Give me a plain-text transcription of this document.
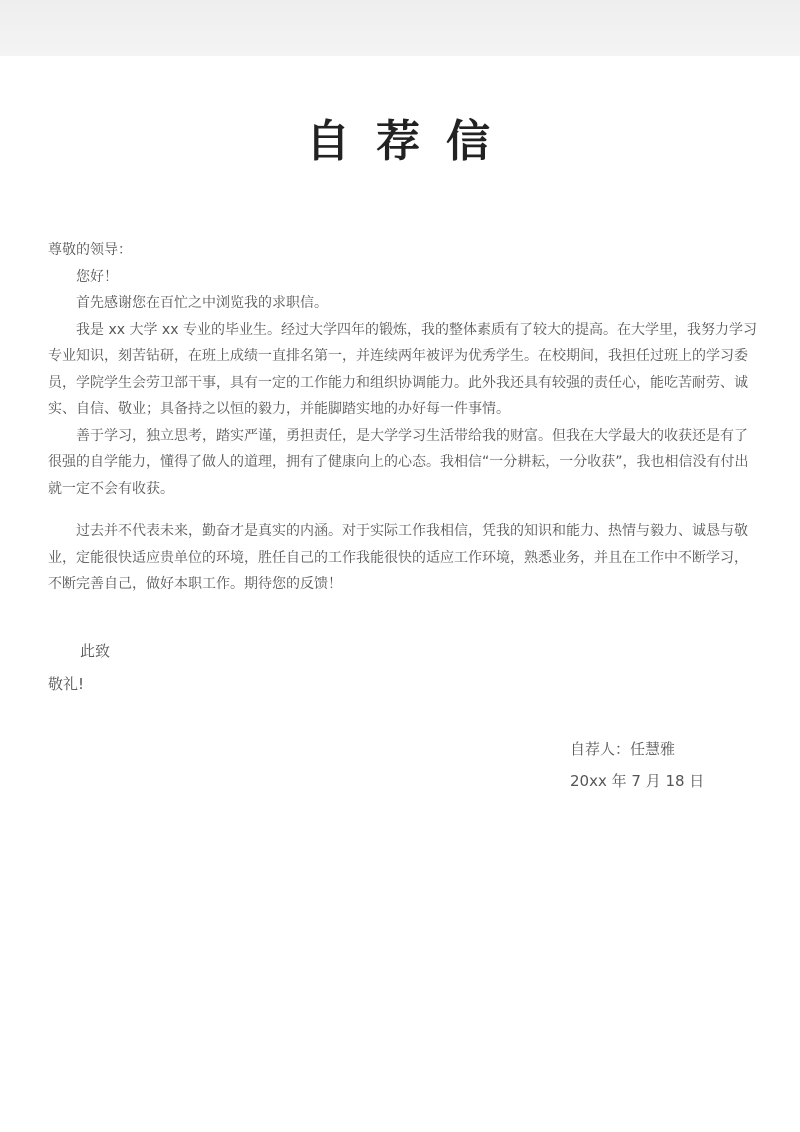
自荐信

尊敬的领导：

您好！

首先感谢您在百忙之中浏览我的求职信。

我是 xx 大学 xx 专业的毕业生。经过大学四年的锻炼，我的整体素质有了较大的提高。在大学里，我努力学习专业知识，刻苦钻研，在班上成绩一直排名第一，并连续两年被评为优秀学生。在校期间，我担任过班上的学习委员，学院学生会劳卫部干事，具有一定的工作能力和组织协调能力。此外我还具有较强的责任心，能吃苦耐劳、诚实、自信、敬业；具备持之以恒的毅力，并能脚踏实地的办好每一件事情。

善于学习，独立思考，踏实严谨，勇担责任，是大学学习生活带给我的财富。但我在大学最大的收获还是有了很强的自学能力，懂得了做人的道理，拥有了健康向上的心态。我相信“一分耕耘，一分收获”，我也相信没有付出就一定不会有收获。

过去并不代表未来，勤奋才是真实的内涵。对于实际工作我相信，凭我的知识和能力、热情与毅力、诚恳与敬业，定能很快适应贵单位的环境，胜任自己的工作我能很快的适应工作环境，熟悉业务，并且在工作中不断学习，不断完善自己，做好本职工作。期待您的反馈！

此致
敬礼!
自荐人：任慧雅
20xx 年 7 月 18 日
